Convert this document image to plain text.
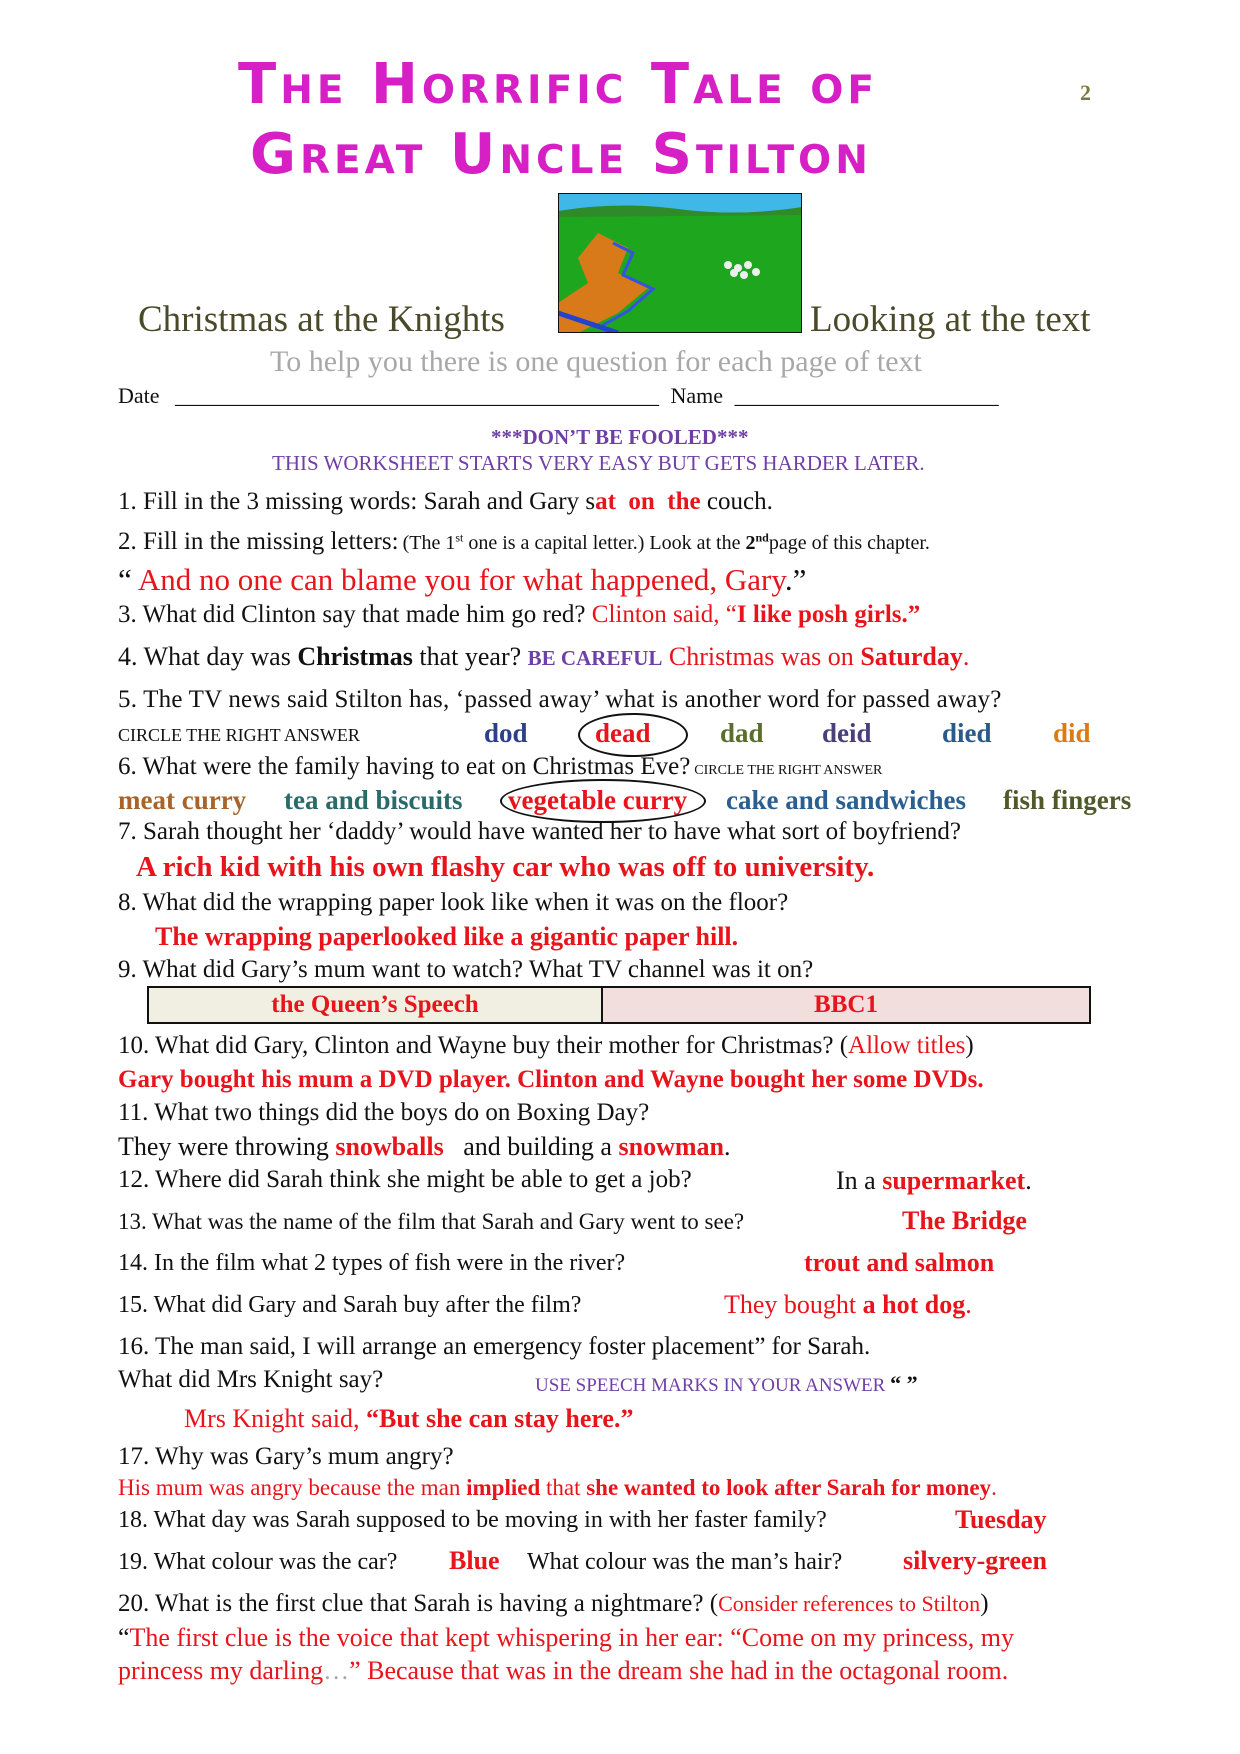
The Horrific Tale of	2
Great Uncle Stilton
Christmas at the Knights	Looking at the text
To help you there is one question for each page of text
Date ____________________________________________ Name ________________________
***DON’T BE FOOLED***
THIS WORKSHEET STARTS VERY EASY BUT GETS HARDER LATER.
1. Fill in the 3 missing words: Sarah and Gary sat  on  the couch.
2. Fill in the missing letters: (The 1st one is a capital letter.) Look at the 2ndpage of this chapter.
“ And no one can blame you for what happened, Gary.”
3. What did Clinton say that made him go red? Clinton said, “I like posh girls.”
4. What day was Christmas that year? BE CAREFUL Christmas was on Saturday.
5. The TV news said Stilton has, ‘passed away’ what is another word for passed away?
CIRCLE THE RIGHT ANSWER	dod dead	dad deid	died did
6. What were the family having to eat on Christmas Eve? CIRCLE THE RIGHT ANSWER
meat curry tea and biscuits vegetable curry cake and sandwiches fish fingers
7. Sarah thought her ‘daddy’ would have wanted her to have what sort of boyfriend?
A rich kid with his own flashy car who was off to university.
8. What did the wrapping paper look like when it was on the floor?
The wrapping paperlooked like a gigantic paper hill.
9. What did Gary’s mum want to watch? What TV channel was it on?
the Queen’s Speech	BBC1
10. What did Gary, Clinton and Wayne buy their mother for Christmas? (Allow titles)
Gary bought his mum a DVD player. Clinton and Wayne bought her some DVDs.
11. What two things did the boys do on Boxing Day?
They were throwing snowballs   and building a snowman.
12. Where did Sarah think she might be able to get a job?	In a supermarket.
13. What was the name of the film that Sarah and Gary went to see?	The Bridge
14. In the film what 2 types of fish were in the river?	trout and salmon
15. What did Gary and Sarah buy after the film?	They bought a hot dog.
16. The man said, I will arrange an emergency foster placement” for Sarah.
What did Mrs Knight say?	USE SPEECH MARKS IN YOUR ANSWER “ ”
Mrs Knight said, “But she can stay here.”
17. Why was Gary’s mum angry?
His mum was angry because the man implied that she wanted to look after Sarah for money.
18. What day was Sarah supposed to be moving in with her faster family?	Tuesday
19. What colour was the car? Blue What colour was the man’s hair? silvery-green
20. What is the first clue that Sarah is having a nightmare? (Consider references to Stilton)
“The first clue is the voice that kept whispering in her ear: “Come on my princess, my
princess my darling…” Because that was in the dream she had in the octagonal room.
